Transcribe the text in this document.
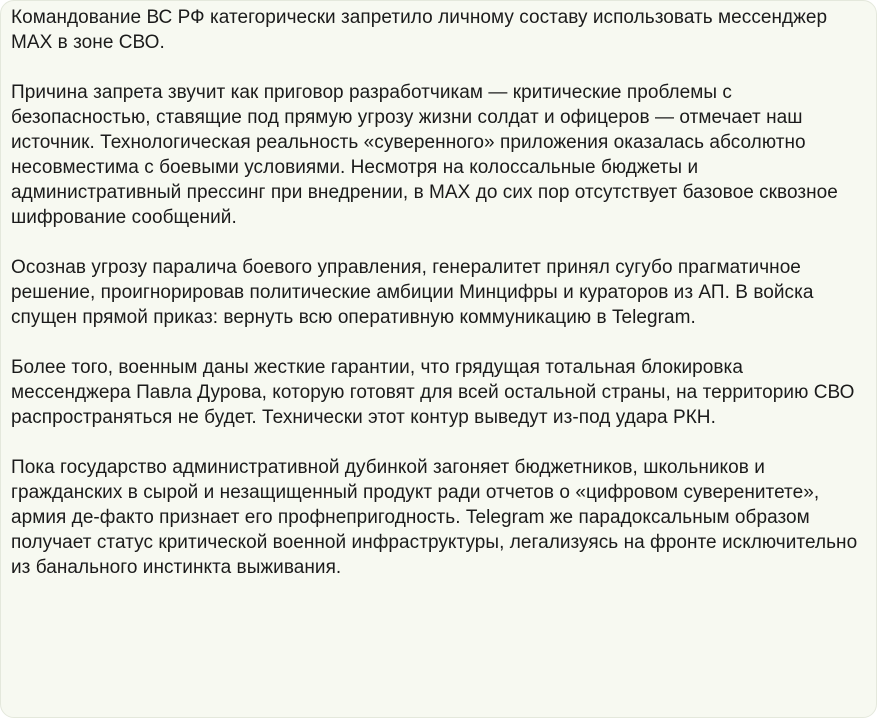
Командование ВС РФ категорически запретило личному составу использовать мессенджер МАХ в зоне СВО.

Причина запрета звучит как приговор разработчикам — критические проблемы с безопасностью, ставящие под прямую угрозу жизни солдат и офицеров — отмечает наш источник. Технологическая реальность «суверенного» приложения оказалась абсолютно несовместима с боевыми условиями. Несмотря на колоссальные бюджеты и административный прессинг при внедрении, в МАХ до сих пор отсутствует базовое сквозное шифрование сообщений.

Осознав угрозу паралича боевого управления, генералитет принял сугубо прагматичное решение, проигнорировав политические амбиции Минцифры и кураторов из АП. В войска спущен прямой приказ: вернуть всю оперативную коммуникацию в Telegram.

Более того, военным даны жесткие гарантии, что грядущая тотальная блокировка мессенджера Павла Дурова, которую готовят для всей остальной страны, на территорию СВО распространяться не будет. Технически этот контур выведут из-под удара РКН.

Пока государство административной дубинкой загоняет бюджетников, школьников и гражданских в сырой и незащищенный продукт ради отчетов о «цифровом суверенитете», армия де-факто признает его профнепригодность. Telegram же парадоксальным образом получает статус критической военной инфраструктуры, легализуясь на фронте исключительно из банального инстинкта выживания.
